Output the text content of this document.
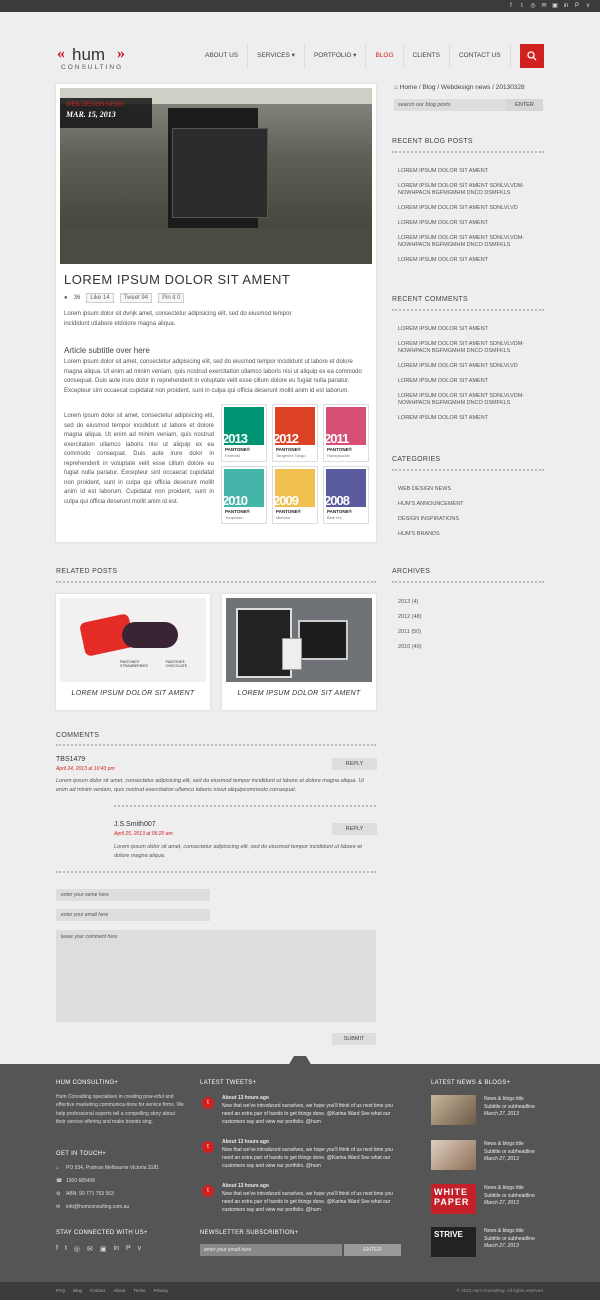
f	t	◎ ✉ ▣ in	P	v
« hum »
CONSULTING
ABOUT US	SERVICES ▾	PORTFOLIO ▾	BLOG	CLIENTS	CONTACT US
WEB DESIGN NEWS
MAR. 15, 2013
LOREM IPSUM DOLOR SIT AMENT
● 36	Like 14	Tweet 94	Pin it 0
Lorem ipsum dolor sit dvnjk amet, consectetur adipisicing elit, sed do eiusmod tempor incididunt utlabore etdolore magna aliqua.
Article subtitle over here
Lorem ipsum dolor sit amet, consectetur adipisicing elit, sed do eiusmod tempor incididunt ut labore et dolore magna aliqua. Ut enim ad minim veniam, quis nostrud exercitation ullamco laboris nisi ut aliquip ex ea commodo consequat. Duis aute irure dolor in reprehenderit in voluptate velit esse cillum dolore eu fugiat nulla pariatur. Excepteur sint occaecat cupidatat non proident, sunt in culpa qui officia deserunt mollit anim id est laborum.
Lorem ipsum dolor sit amet, consectetur adipisicing elit, sed do eiusmod tempor incididunt ut labore et dolore magna aliqua. Ut enim ad minim veniam, quis nostrud exercitation ullamco laboris nisi ut aliquip ex ea commodo consequat. Duis aute irure dolor in reprehenderit in voluptate velit esse cillum dolore eu fugiat nulla pariatur. Excepteur sint occaecat cupidatat non proident, sunt in culpa qui officia deserunt mollit anim id est laborum. Cupidatat non proident, sunt in culpa qui officia deserunt mollit anim id est.
2013
PANTONE®
Emerald
2012
PANTONE®
Tangerine Tango
2011
PANTONE®
Honeysuckle
2010
PANTONE®
Turquoise
2009
PANTONE®
Mimosa
2008
PANTONE®
Blue Iris
⌂ Home / Blog / Webdesign news / 20130328
search our blog posts	ENTER
RECENT BLOG POSTS
LOREM IPSUM DOLOR SIT AMENT
LOREM IPSUM DOLOR SIT AMENT SDNLVLVDM-NOWHPACN BGFMGMHM DNCO DSMFKLS
LOREM IPSUM DOLOR SIT AMENT SDNLVLVD
LOREM IPSUM DOLOR SIT AMENT
LOREM IPSUM DOLOR SIT AMENT SDNLVLVDM-NOWHPACN BGFMGMHM DNCO DSMFKLS
LOREM IPSUM DOLOR SIT AMENT
RECENT COMMENTS
LOREM IPSUM DOLOR SIT AMENT
LOREM IPSUM DOLOR SIT AMENT SDNLVLVDM-NOWHPACN BGFMGMHM DNCO DSMFKLS
LOREM IPSUM DOLOR SIT AMENT SDNLVLVD
LOREM IPSUM DOLOR SIT AMENT
LOREM IPSUM DOLOR SIT AMENT SDNLVLVDM-NOWHPACN BGFMGMHM DNCO DSMFKLS
LOREM IPSUM DOLOR SIT AMENT
CATEGORIES
WEB DESIGN NEWS
HUM'S ANNOUNCEMENT
DESIGN INSPIRATIONS
HUM'S BRANDS
ARCHIVES
2013 (4)
2012 (48)
2011 (50)
2010 (40)
RELATED POSTS
PANTONE® STRAWBERRIES
PANTONE® CHOCOLATE
LOREM IPSUM DOLOR SIT AMENT	LOREM IPSUM DOLOR SIT AMENT
COMMENTS
TBS1479
April 24, 2013 at 10:43 pm
REPLY
Lorem ipsum dolor sit amet, consectetur adipisicing elit, sed do eiusmod tempor incididunt ut labore et dolore magna aliqua. Ut enim ad minim veniam, quis nostrud exercitation ullamco laboris nisiut aliquipcommodo consequat.
J.S.Smith007
April 25, 2013 at 06:20 am
REPLY
Lorem ipsum dolor sit amet, consectetur adipisicing elit, sed do eiusmod tempor incididunt ut labore et dolore magna aliqua.
enter your name here
enter your email here
leave your comment here
SUBMIT
HUM CONSULTING+
Hum Consulting specialises in creating pow-erful and effective marketing communica-tions for service firms. We help professional experts tell a compelling story about their service offering and make brands sing.
GET IN TOUCH+
⌂ PO 534, Prahran Melbourne Victoria 3181
☎ 1300 685405
⚙ ABN: 90 771 753 563
✉ info@humconsulting.com.au
STAY CONNECTED WITH US+
f t ◎ ✉ ▣ in P v
LATEST TWEETS+
t
About 13 hours ago
Now that we've introduced ourselves, we hope you'll think of us next time you need an extra pair of hands to get things done. @Karina Ward See what our customers say and view our portfolio. @hum
t
About 13 hours ago
Now that we've introduced ourselves, we hope you'll think of us next time you need an extra pair of hands to get things done. @Karina Ward See what our customers say and view our portfolio. @hum
t
About 13 hours ago
Now that we've introduced ourselves, we hope you'll think of us next time you need an extra pair of hands to get things done. @Karina Ward See what our customers say and view our portfolio. @hum
NEWSLETTER SUBSCRIBTION+
enter your email here	ENTER
LATEST NEWS & BLOGS+
News & blogs title
Subtitle or subheadline
March 27, 2013
News & blogs title
Subtitle or subheadline
March 27, 2013
WHITE PAPER
News & blogs title
Subtitle or subheadline
March 27, 2013
STRIVE	News & blogs title
Subtitle or subheadline
March 27, 2013
FAQ Blog Contact About Terms Privacy	© 2013 Hum Consulting. All rights reserved.
